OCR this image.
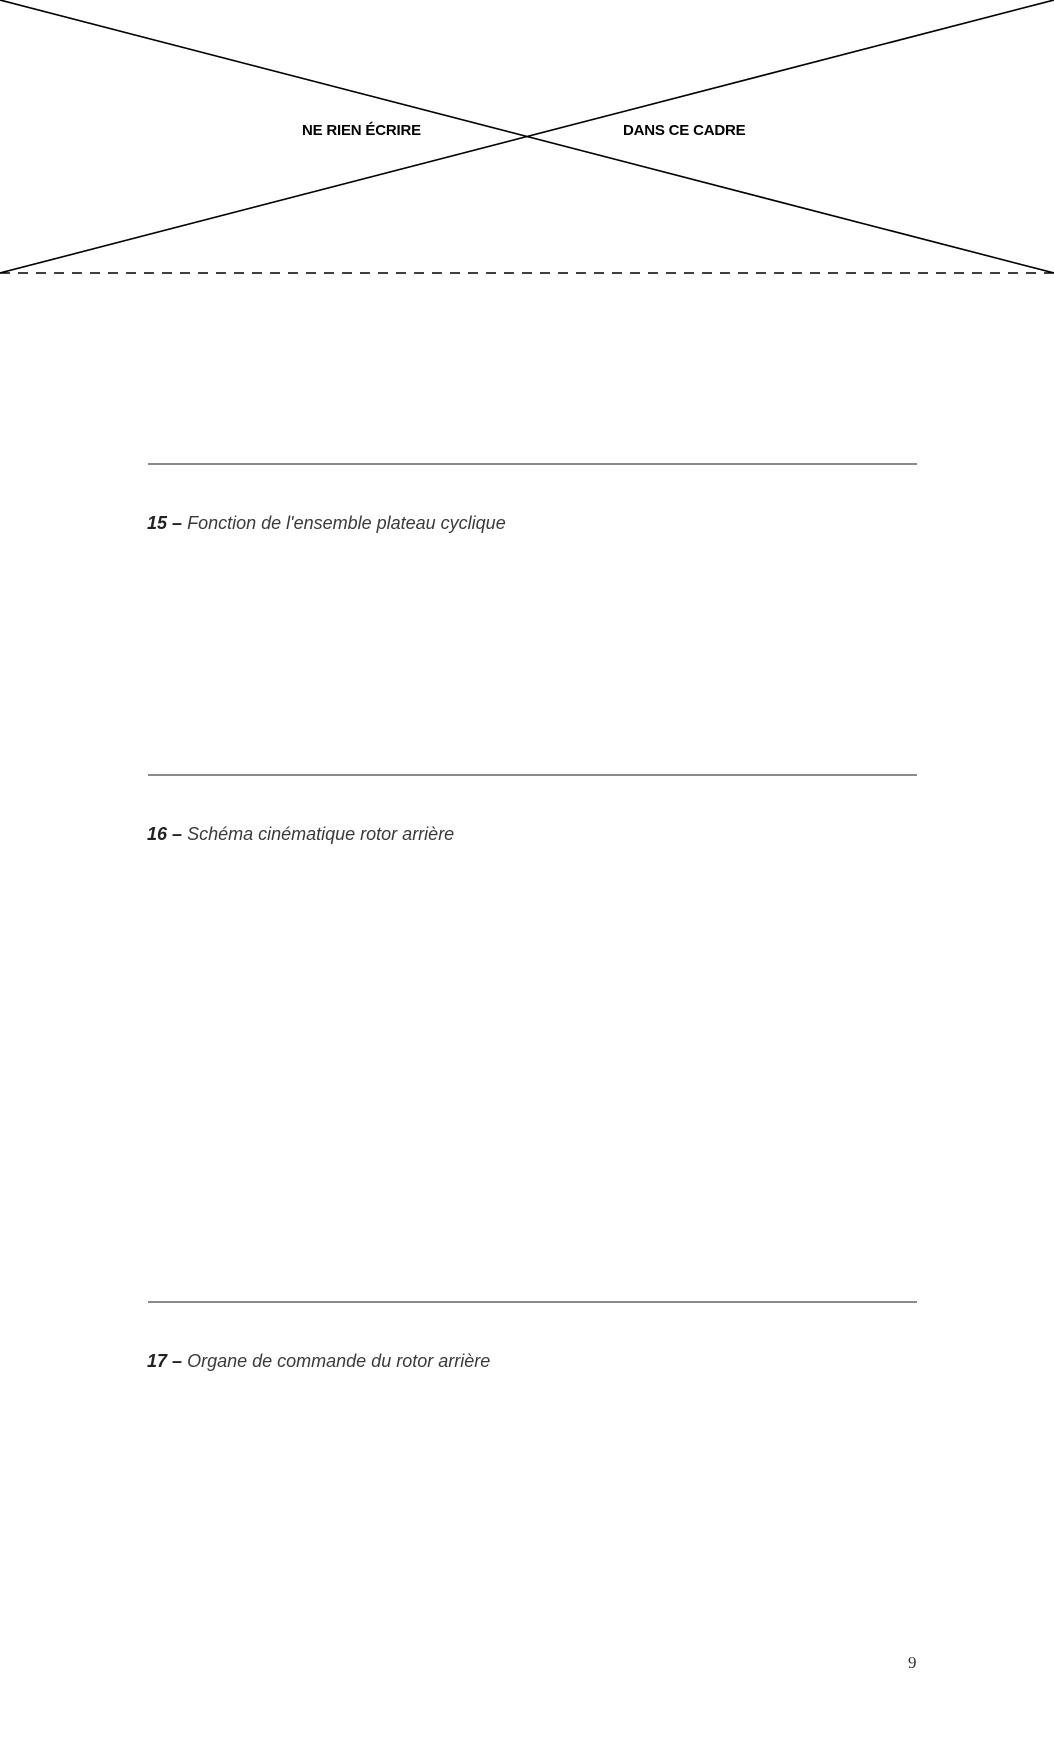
NE RIEN ÉCRIRE	DANS CE CADRE
15 – Fonction de l'ensemble plateau cyclique
16 – Schéma cinématique rotor arrière
17 – Organe de commande du rotor arrière
9
